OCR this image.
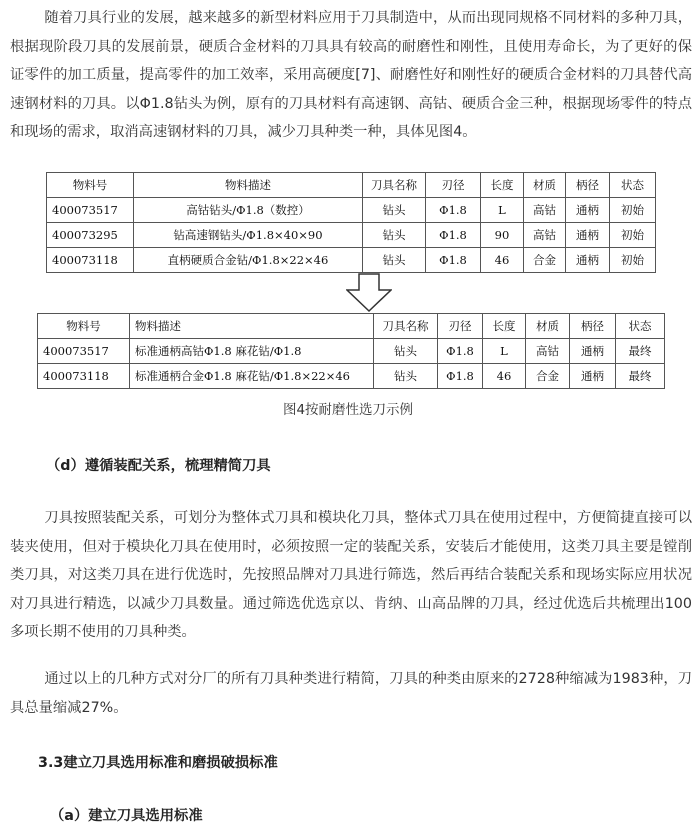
随着刀具行业的发展，越来越多的新型材料应用于刀具制造中，从而出现同规格不同材料的多种刀具，根据现阶段刀具的发展前景，硬质合金材料的刀具具有较高的耐磨性和刚性，且使用寿命长，为了更好的保证零件的加工质量，提高零件的加工效率，采用高硬度[7]、耐磨性好和刚性好的硬质合金材料的刀具替代高速钢材料的刀具。以Φ1.8钻头为例，原有的刀具材料有高速钢、高钴、硬质合金三种，根据现场零件的特点和现场的需求，取消高速钢材料的刀具，减少刀具种类一种，具体见图4。

物料号	物料描述	刀具名称	刃径	长度	材质	柄径	状态
400073517	高钴钻头/Φ1.8（数控）	钻头	Φ1.8	L	高钴	通柄	初始
400073295	钻高速钢钻头/Φ1.8×40×90	钻头	Φ1.8	90	高钴	通柄	初始
400073118	直柄硬质合金钻/Φ1.8×22×46	钻头	Φ1.8	46	合金	通柄	初始
物料号	物料描述	刀具名称	刃径	长度	材质	柄径	状态
400073517	标准通柄高钴Φ1.8 麻花钻/Φ1.8	钻头	Φ1.8	L	高钴	通柄	最终
400073118	标准通柄合金Φ1.8 麻花钻/Φ1.8×22×46	钻头	Φ1.8	46	合金	通柄	最终

图4按耐磨性选刀示例

（d）遵循装配关系，梳理精简刀具

刀具按照装配关系，可划分为整体式刀具和模块化刀具，整体式刀具在使用过程中，方便简捷直接可以装夹使用，但对于模块化刀具在使用时，必须按照一定的装配关系，安装后才能使用，这类刀具主要是镗削类刀具，对这类刀具在进行优选时，先按照品牌对刀具进行筛选，然后再结合装配关系和现场实际应用状况对刀具进行精选，以减少刀具数量。通过筛选优选京以、肯纳、山高品牌的刀具，经过优选后共梳理出100多项长期不使用的刀具种类。

通过以上的几种方式对分厂的所有刀具种类进行精简，刀具的种类由原来的2728种缩减为1983种，刀具总量缩减27%。

3.3建立刀具选用标准和磨损破损标准
（a）建立刀具选用标准
